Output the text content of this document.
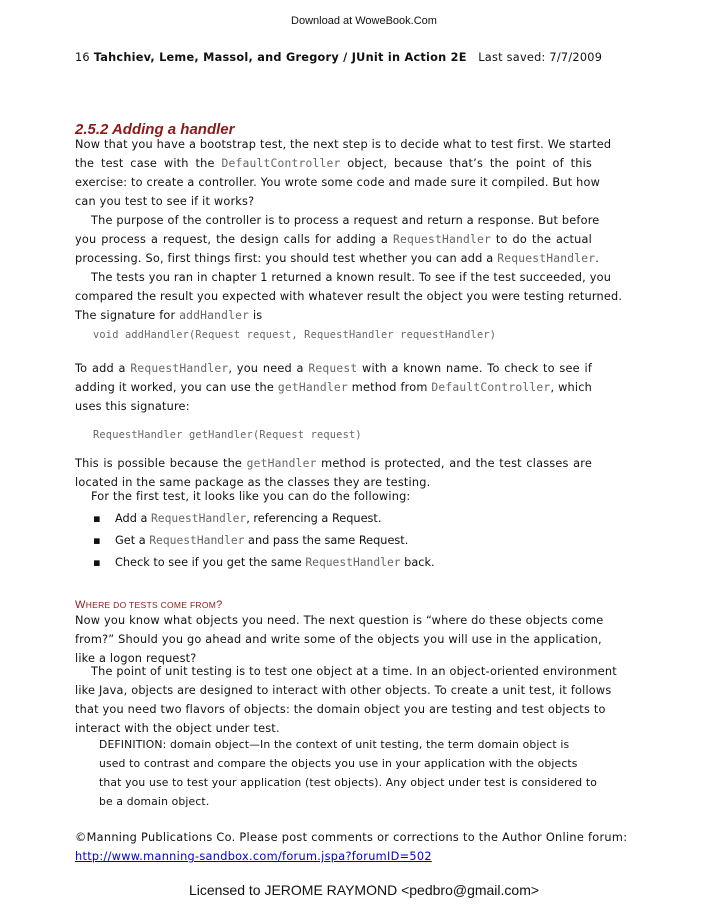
Download at WoweBook.Com
16 Tahchiev, Leme, Massol, and Gregory / JUnit in Action 2E Last saved: 7/7/2009
2.5.2 Adding a handler
Now that you have a bootstrap test, the next step is to decide what to test first. We started
the test case with the DefaultController object, because that’s the point of this
exercise: to create a controller. You wrote some code and made sure it compiled. But how
can you test to see if it works?
The purpose of the controller is to process a request and return a response. But before
you process a request, the design calls for adding a RequestHandler to do the actual
processing. So, first things first: you should test whether you can add a RequestHandler.
The tests you ran in chapter 1 returned a known result. To see if the test succeeded, you
compared the result you expected with whatever result the object you were testing returned.
The signature for addHandler is
void addHandler(Request request, RequestHandler requestHandler)
To add a RequestHandler, you need a Request with a known name. To check to see if
adding it worked, you can use the getHandler method from DefaultController, which
uses this signature:
RequestHandler getHandler(Request request)
This is possible because the getHandler method is protected, and the test classes are
located in the same package as the classes they are testing.
For the first test, it looks like you can do the following:
▪ Add a RequestHandler, referencing a Request.
▪ Get a RequestHandler and pass the same Request.
▪ Check to see if you get the same RequestHandler back.
WHERE DO TESTS COME FROM?
Now you know what objects you need. The next question is “where do these objects come
from?” Should you go ahead and write some of the objects you will use in the application,
like a logon request?
The point of unit testing is to test one object at a time. In an object-oriented environment
like Java, objects are designed to interact with other objects. To create a unit test, it follows
that you need two flavors of objects: the domain object you are testing and test objects to
interact with the object under test.
DEFINITION: domain object—In the context of unit testing, the term domain object is
used to contrast and compare the objects you use in your application with the objects
that you use to test your application (test objects). Any object under test is considered to
be a domain object.
©Manning Publications Co. Please post comments or corrections to the Author Online forum:
http://www.manning-sandbox.com/forum.jspa?forumID=502
Licensed to JEROME RAYMOND <pedbro@gmail.com>
